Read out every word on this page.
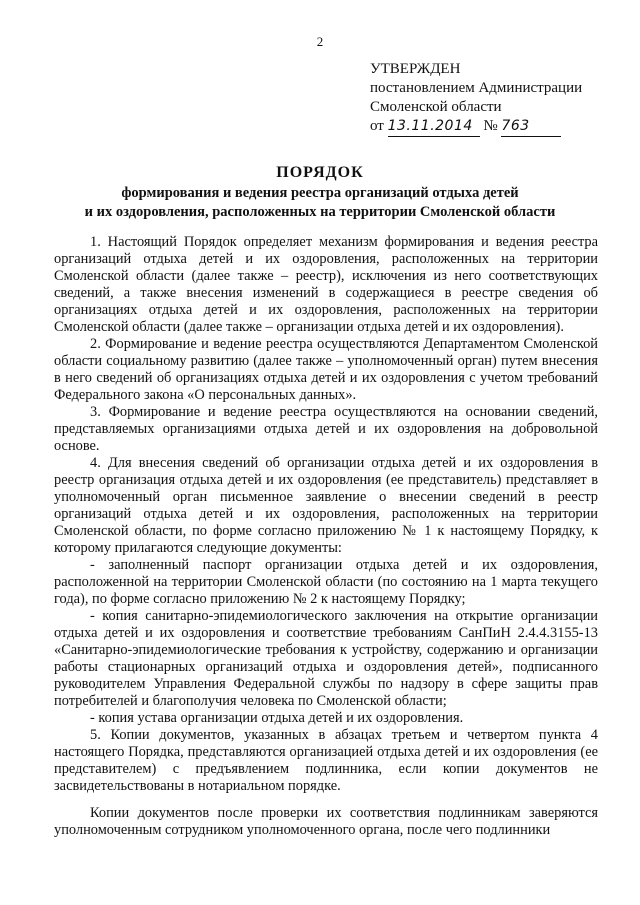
2
УТВЕРЖДЕН
постановлением Администрации
Смоленской области
от 13.11.2014 № 763
ПОРЯДОК
формирования и ведения реестра организаций отдыха детей
и их оздоровления, расположенных на территории Смоленской области

1. Настоящий Порядок определяет механизм формирования и ведения реестра организаций отдыха детей и их оздоровления, расположенных на территории Смоленской области (далее также – реестр), исключения из него соответствующих сведений, а также внесения изменений в содержащиеся в реестре сведения об организациях отдыха детей и их оздоровления, расположенных на территории Смоленской области (далее также – организации отдыха детей и их оздоровления).

2. Формирование и ведение реестра осуществляются Департаментом Смоленской области социальному развитию (далее также – уполномоченный орган) путем внесения в него сведений об организациях отдыха детей и их оздоровления с учетом требований Федерального закона «О персональных данных».

3. Формирование и ведение реестра осуществляются на основании сведений, представляемых организациями отдыха детей и их оздоровления на добровольной основе.

4. Для внесения сведений об организации отдыха детей и их оздоровления в реестр организация отдыха детей и их оздоровления (ее представитель) представляет в уполномоченный орган письменное заявление о внесении сведений в реестр организаций отдыха детей и их оздоровления, расположенных на территории Смоленской области, по форме согласно приложению № 1 к настоящему Порядку, к которому прилагаются следующие документы:

- заполненный паспорт организации отдыха детей и их оздоровления, расположенной на территории Смоленской области (по состоянию на 1 марта текущего года), по форме согласно приложению № 2 к настоящему Порядку;

- копия санитарно-эпидемиологического заключения на открытие организации отдыха детей и их оздоровления и соответствие требованиям СанПиН 2.4.4.3155-13 «Санитарно-эпидемиологические требования к устройству, содержанию и организации работы стационарных организаций отдыха и оздоровления детей», подписанного руководителем Управления Федеральной службы по надзору в сфере защиты прав потребителей и благополучия человека по Смоленской области;

- копия устава организации отдыха детей и их оздоровления.

5. Копии документов, указанных в абзацах третьем и четвертом пункта 4 настоящего Порядка, представляются организацией отдыха детей и их оздоровления (ее представителем) с предъявлением подлинника, если копии документов не засвидетельствованы в нотариальном порядке.

Копии документов после проверки их соответствия подлинникам заверяются уполномоченным сотрудником уполномоченного органа, после чего подлинники
